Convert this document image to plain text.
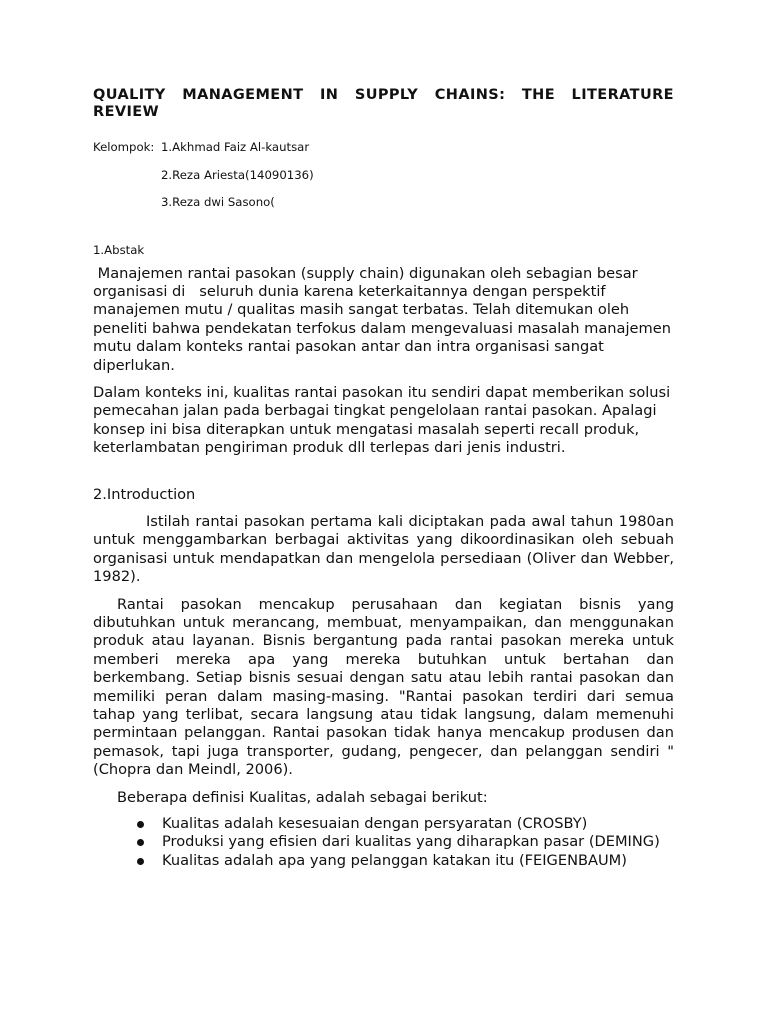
QUALITY MANAGEMENT IN SUPPLY CHAINS: THE LITERATURE REVIEW

Kelompok: 1.Akhmad Faiz Al-kautsar
2.Reza Ariesta(14090136)
3.Reza dwi Sasono(
1.Abstak

Manajemen rantai pasokan (supply chain) digunakan oleh sebagian besar organisasi di   seluruh dunia karena keterkaitannya dengan perspektif manajemen mutu / qualitas masih sangat terbatas. Telah ditemukan oleh peneliti bahwa pendekatan terfokus dalam mengevaluasi masalah manajemen mutu dalam konteks rantai pasokan antar dan intra organisasi sangat diperlukan.

Dalam konteks ini, kualitas rantai pasokan itu sendiri dapat memberikan solusi pemecahan jalan pada berbagai tingkat pengelolaan rantai pasokan. Apalagi konsep ini bisa diterapkan untuk mengatasi masalah seperti recall produk, keterlambatan pengiriman produk dll terlepas dari jenis industri.

2.Introduction

Istilah rantai pasokan pertama kali diciptakan pada awal tahun 1980an untuk menggambarkan berbagai aktivitas yang dikoordinasikan oleh sebuah organisasi untuk mendapatkan dan mengelola persediaan (Oliver dan Webber, 1982).

Rantai pasokan mencakup perusahaan dan kegiatan bisnis yang dibutuhkan untuk merancang, membuat, menyampaikan, dan menggunakan produk atau layanan. Bisnis bergantung pada rantai pasokan mereka untuk memberi mereka apa yang mereka butuhkan untuk bertahan dan berkembang. Setiap bisnis sesuai dengan satu atau lebih rantai pasokan dan memiliki peran dalam masing-masing. "Rantai pasokan terdiri dari semua tahap yang terlibat, secara langsung atau tidak langsung, dalam memenuhi permintaan pelanggan. Rantai pasokan tidak hanya mencakup produsen dan pemasok, tapi juga transporter, gudang, pengecer, dan pelanggan sendiri "(Chopra dan Meindl, 2006).

Beberapa definisi Kualitas, adalah sebagai berikut:

Kualitas adalah kesesuaian dengan persyaratan (CROSBY)
Produksi yang efisien dari kualitas yang diharapkan pasar (DEMING)
Kualitas adalah apa yang pelanggan katakan itu (FEIGENBAUM)
